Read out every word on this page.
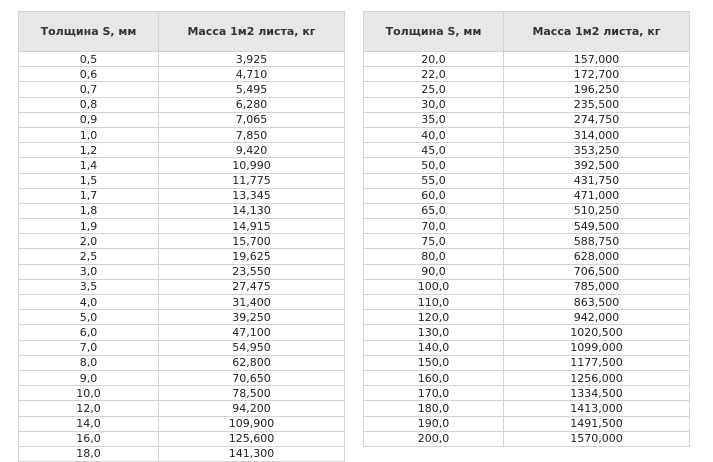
Толщина S, мм	Масса 1м2 листа, кг
0,5	3,925
0,6	4,710
0,7	5,495
0,8	6,280
0,9	7,065
1,0	7,850
1,2	9,420
1,4	10,990
1,5	11,775
1,7	13,345
1,8	14,130
1,9	14,915
2,0	15,700
2,5	19,625
3,0	23,550
3,5	27,475
4,0	31,400
5,0	39,250
6,0	47,100
7,0	54,950
8,0	62,800
9,0	70,650
10,0	78,500
12,0	94,200
14,0	109,900
16,0	125,600
18,0	141,300
Толщина S, мм	Масса 1м2 листа, кг
20,0	157,000
22,0	172,700
25,0	196,250
30,0	235,500
35,0	274,750
40,0	314,000
45,0	353,250
50,0	392,500
55,0	431,750
60,0	471,000
65,0	510,250
70,0	549,500
75,0	588,750
80,0	628,000
90,0	706,500
100,0	785,000
110,0	863,500
120,0	942,000
130,0	1020,500
140,0	1099,000
150,0	1177,500
160,0	1256,000
170,0	1334,500
180,0	1413,000
190,0	1491,500
200,0	1570,000
